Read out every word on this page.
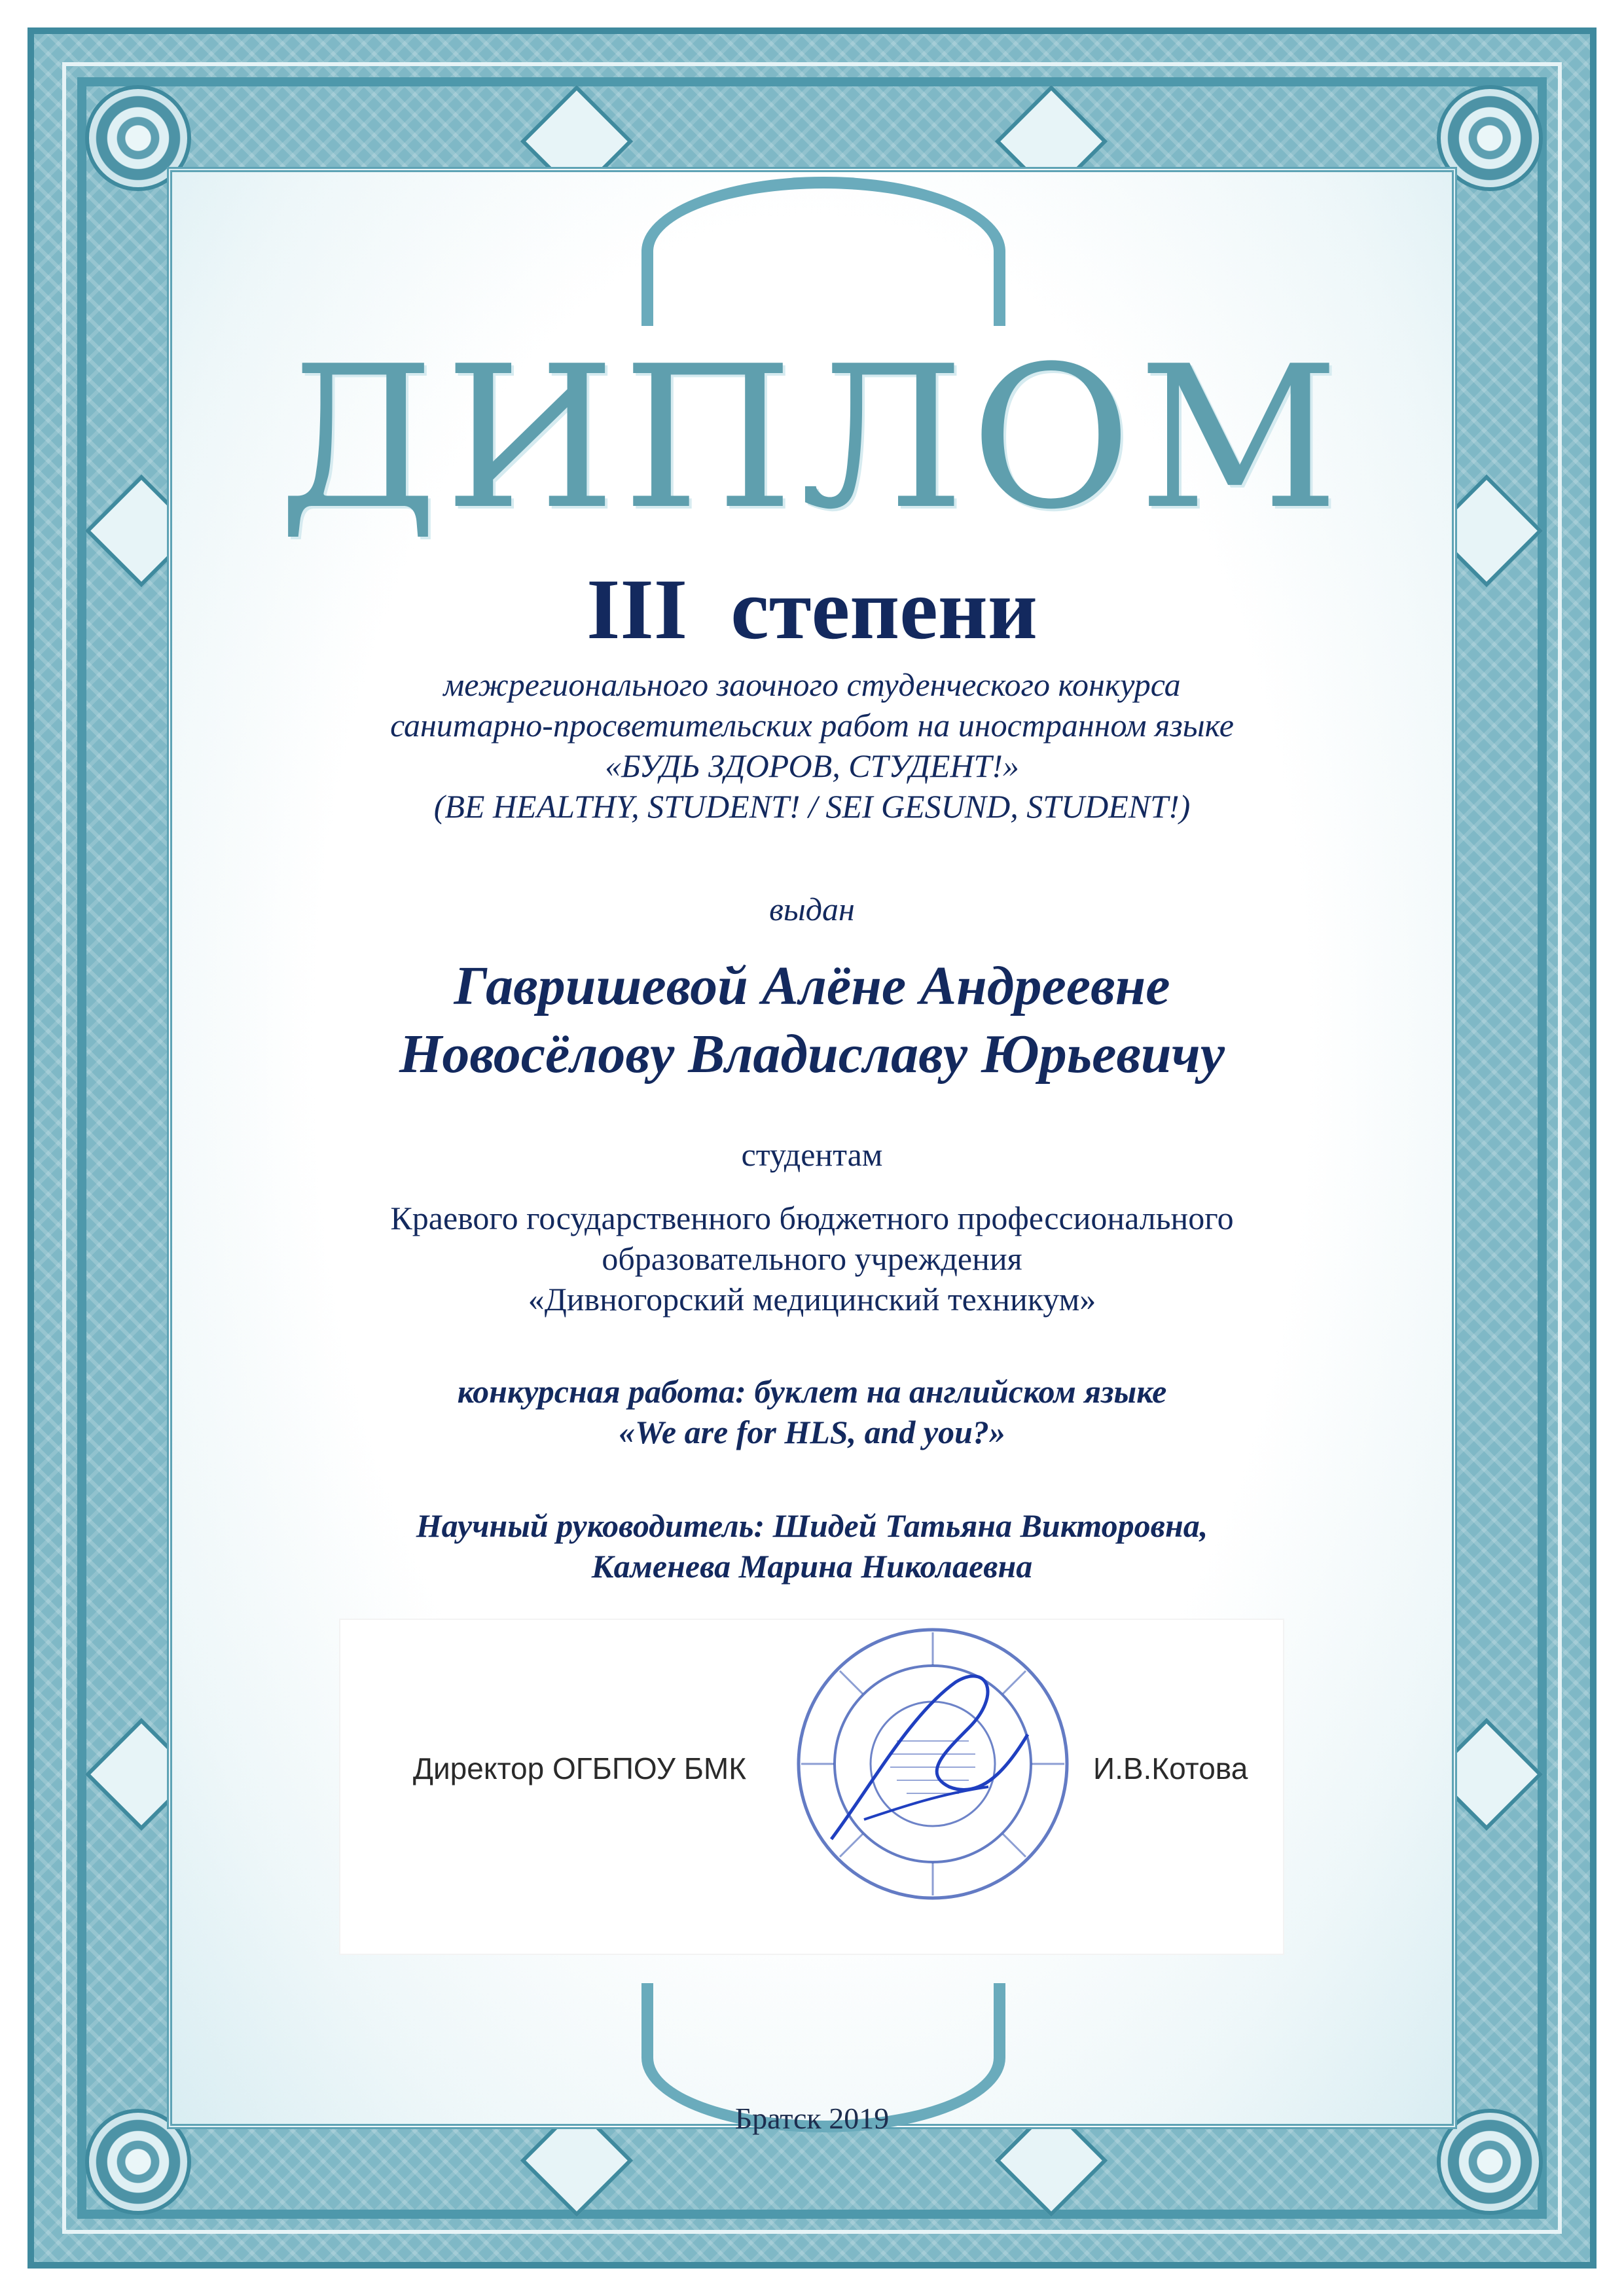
ДИПЛОМ
III  степени
межрегионального заочного студенческого конкурса
санитарно-просветительских работ на иностранном языке
«БУДЬ ЗДОРОВ, СТУДЕНТ!»
(BE HEALTHY, STUDENT! / SEI GESUND, STUDENT!)
выдан
Гавришевой Алёне Андреевне
Новосёлову Владиславу Юрьевичу
студентам
Краевого государственного бюджетного профессионального
образовательного учреждения
«Дивногорский медицинский техникум»
конкурсная работа: буклет на английском языке
«We are for HLS, and you?»
Научный руководитель: Шидей Татьяна Викторовна,
Каменева Марина Николаевна
Директор ОГБПОУ БМК	И.В.Котова
Братск 2019
